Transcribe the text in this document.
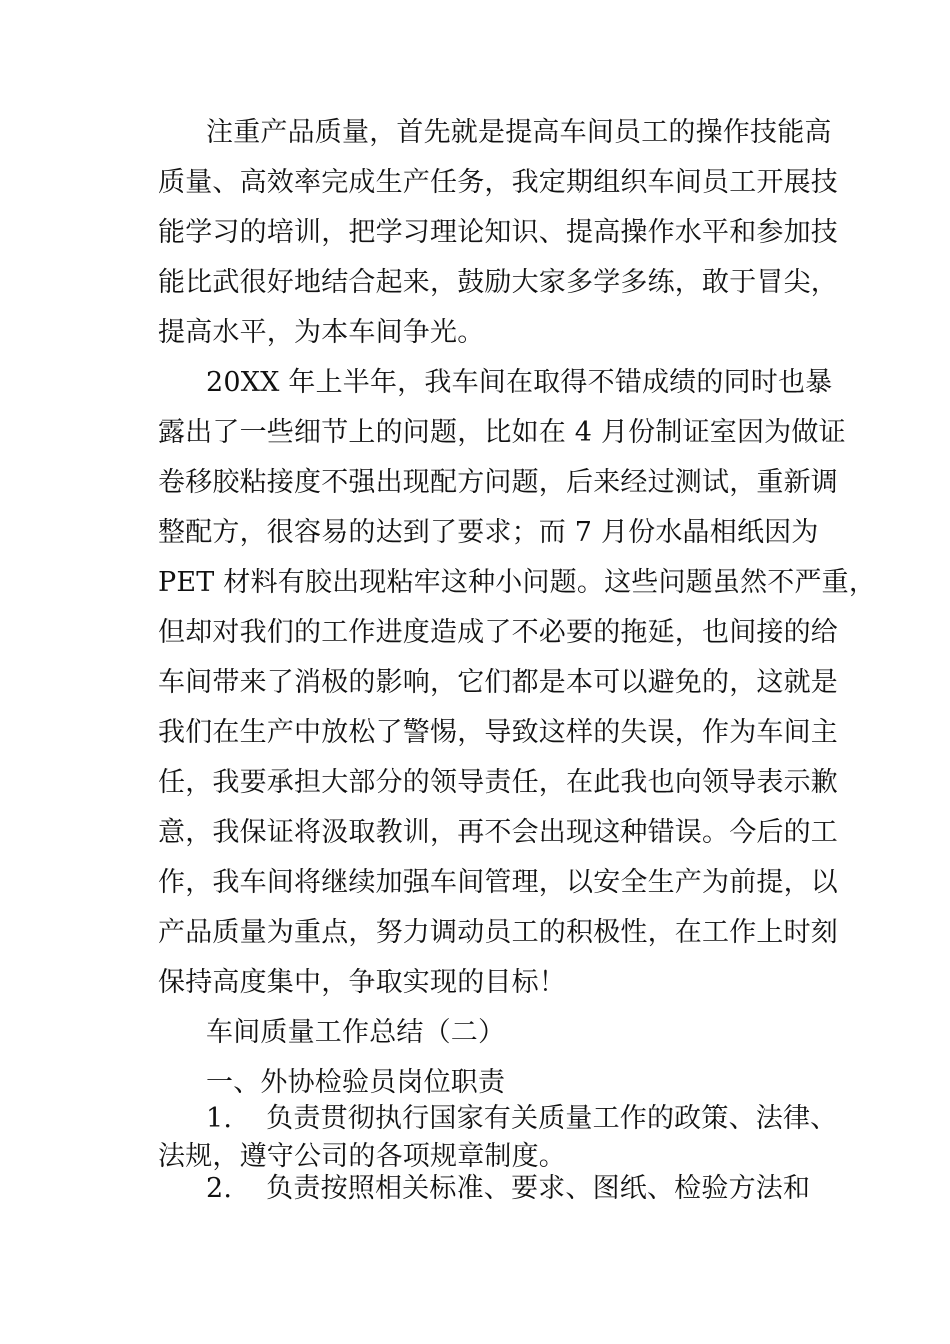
注重产品质量，首先就是提高车间员工的操作技能高
质量、高效率完成生产任务，我定期组织车间员工开展技
能学习的培训，把学习理论知识、提高操作水平和参加技
能比武很好地结合起来，鼓励大家多学多练，敢于冒尖，
提高水平，为本车间争光。
20XX 年上半年，我车间在取得不错成绩的同时也暴
露出了一些细节上的问题，比如在 4 月份制证室因为做证
卷移胶粘接度不强出现配方问题，后来经过测试，重新调
整配方，很容易的达到了要求；而 7 月份水晶相纸因为
PET 材料有胶出现粘牢这种小问题。这些问题虽然不严重，
但却对我们的工作进度造成了不必要的拖延，也间接的给
车间带来了消极的影响，它们都是本可以避免的，这就是
我们在生产中放松了警惕，导致这样的失误，作为车间主
任，我要承担大部分的领导责任，在此我也向领导表示歉
意，我保证将汲取教训，再不会出现这种错误。今后的工
作，我车间将继续加强车间管理，以安全生产为前提，以
产品质量为重点，努力调动员工的积极性，在工作上时刻
保持高度集中，争取实现的目标！
车间质量工作总结（二）
一、外协检验员岗位职责
1. 负责贯彻执行国家有关质量工作的政策、法律、
法规，遵守公司的各项规章制度。
2. 负责按照相关标准、要求、图纸、检验方法和
